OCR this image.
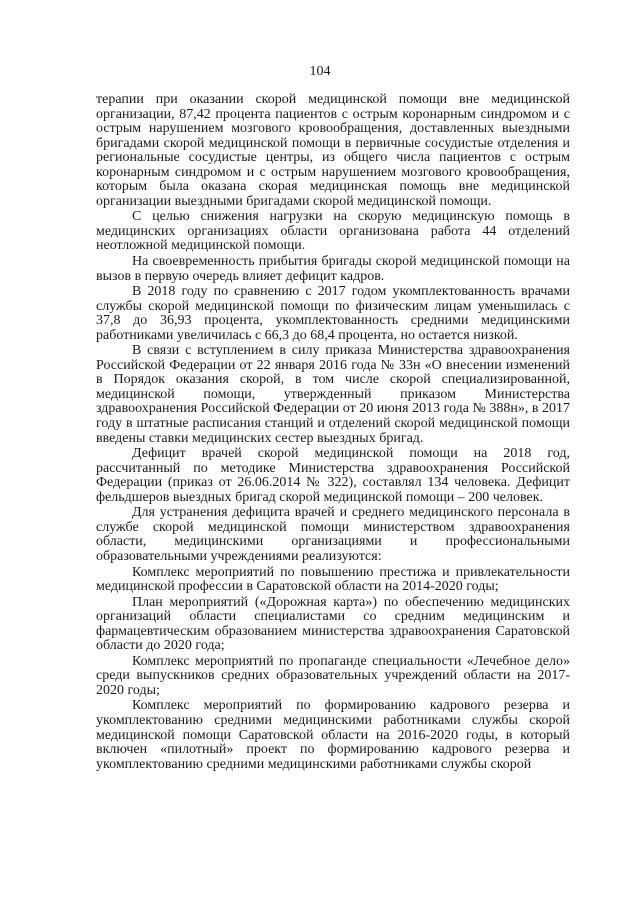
104

терапии при оказании скорой медицинской помощи вне медицинской организации, 87,42 процента пациентов с острым коронарным синдромом и с острым нарушением мозгового кровообращения, доставленных выездными бригадами скорой медицинской помощи в первичные сосудистые отделения и региональные сосудистые центры, из общего числа пациентов с острым коронарным синдромом и с острым нарушением мозгового кровообращения, которым была оказана скорая медицинская помощь вне медицинской организации выездными бригадами скорой медицинской помощи.

С целью снижения нагрузки на скорую медицинскую помощь в медицинских организациях области организована работа 44 отделений неотложной медицинской помощи.

На своевременность прибытия бригады скорой медицинской помощи на вызов в первую очередь влияет дефицит кадров.

В 2018 году по сравнению с 2017 годом укомплектованность врачами службы скорой медицинской помощи по физическим лицам уменьшилась с 37,8 до 36,93 процента, укомплектованность средними медицинскими работниками увеличилась с 66,3 до 68,4 процента, но остается низкой.

В связи с вступлением в силу приказа Министерства здравоохранения Российской Федерации от 22 января 2016 года № 33н «О внесении изменений в Порядок оказания скорой, в том числе скорой специализированной, медицинской помощи, утвержденный приказом Министерства здравоохранения Российской Федерации от 20 июня 2013 года № 388н», в 2017 году в штатные расписания станций и отделений скорой медицинской помощи введены ставки медицинских сестер выездных бригад.

Дефицит врачей скорой медицинской помощи на 2018 год, рассчитанный по методике Министерства здравоохранения Российской Федерации (приказ от 26.06.2014 № 322), составлял 134 человека. Дефицит фельдшеров выездных бригад скорой медицинской помощи – 200 человек.

Для устранения дефицита врачей и среднего медицинского персонала в службе скорой медицинской помощи министерством здравоохранения области, медицинскими организациями и профессиональными образовательными учреждениями реализуются:

Комплекс мероприятий по повышению престижа и привлекательности медицинской профессии в Саратовской области на 2014-2020 годы;

План мероприятий («Дорожная карта») по обеспечению медицинских организаций области специалистами со средним медицинским и фармацевтическим образованием министерства здравоохранения Саратовской области до 2020 года;

Комплекс мероприятий по пропаганде специальности «Лечебное дело» среди выпускников средних образовательных учреждений области на 2017-2020 годы;

Комплекс мероприятий по формированию кадрового резерва и укомплектованию средними медицинскими работниками службы скорой медицинской помощи Саратовской области на 2016-2020 годы, в который включен «пилотный» проект по формированию кадрового резерва и укомплектованию средними медицинскими работниками службы скорой
